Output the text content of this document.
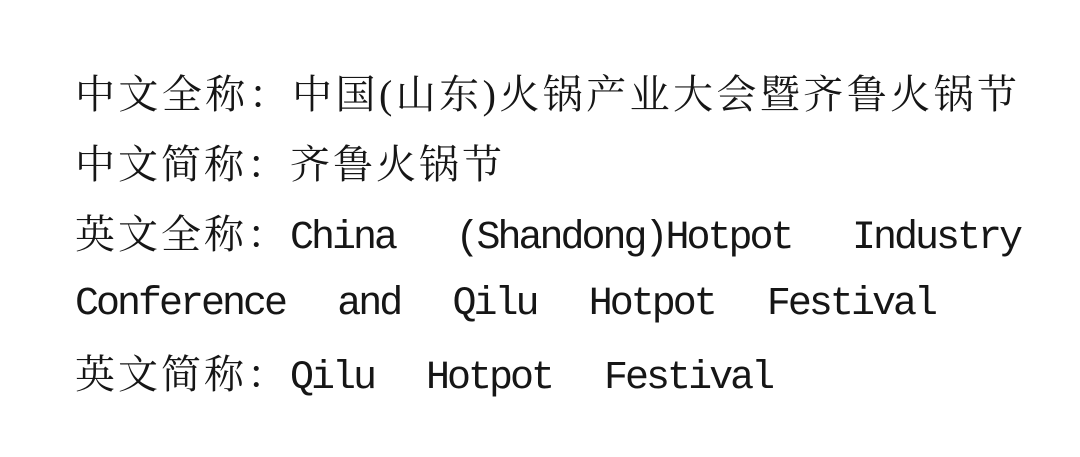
中文全称：中国(山东)火锅产业大会暨齐鲁火锅节
中文简称：齐鲁火锅节
英文全称：China (Shandong)Hotpot Industry
Conference and Qilu Hotpot Festival
英文简称：Qilu Hotpot Festival
